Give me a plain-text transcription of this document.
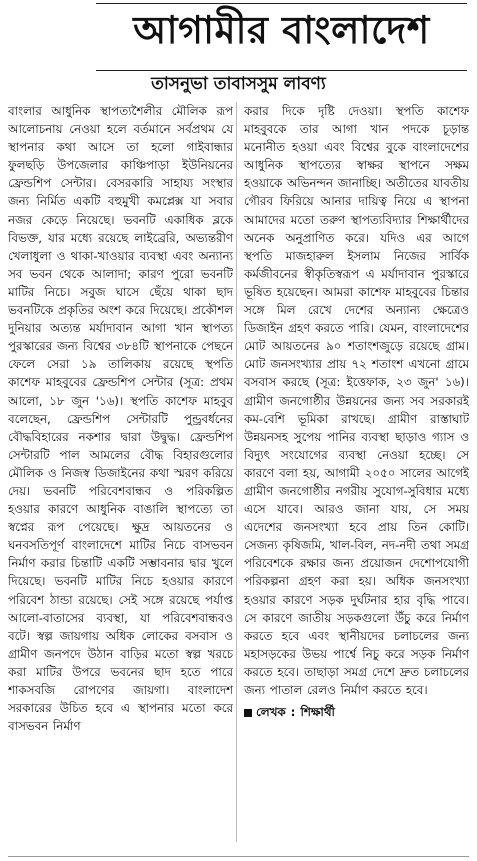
আগামীর বাংলাদেশ
তাসনুভা তাবাসসুম লাবণ্য

বাংলার আধুনিক স্থাপত্যশৈলীর মৌলিক রূপ আলোচনায় নেওয়া হলে বর্তমানে সর্বপ্রথম যে স্থাপনার কথা আসে তা হলো গাইবান্ধার ফুলছড়ি উপজেলার কাঞ্চিপাড়া ইউনিয়নের ফ্রেন্ডশিপ সেন্টার। বেসরকারি সাহায্য সংস্থার জন্য নির্মিত একটি বহুমুখী কমপ্লেক্স যা সবার নজর কেড়ে নিয়েছে। ভবনটি একাধিক ব্লকে বিভক্ত, যার মধ্যে রয়েছে লাইব্রেরি, অভ্যন্তরীণ খেলাধুলা ও থাকা-খাওয়ার ব্যবস্থা এবং অন্যান্য সব ভবন থেকে আলাদা; কারণ পুরো ভবনটি মাটির নিচে। সবুজ ঘাসে ছেঁয়ে থাকা ছাদ ভবনটিকে প্রকৃতির অংশ করে দিয়েছে। প্রকৌশল দুনিয়ার অত্যন্ত মর্যাদাবান আগা খান স্থাপত্য পুরস্কারের জন্য বিশ্বের ৩৮৪টি স্থাপনাকে পেছনে ফেলে সেরা ১৯ তালিকায় রয়েছে স্থপতি কাশেফ মাহবুবের ফ্রেন্ডশিপ সেন্টার (সূত্র: প্রথম আলো, ১৮ জুন '১৬)। স্থপতি কাশেফ মাহবুব বলেছেন, ফ্রেন্ডশিপ সেন্টারটি পুন্ড্রবর্ধনের বৌদ্ধবিহারের নকশার দ্বারা উদ্বুদ্ধ। ফ্রেন্ডশিপ সেন্টারটি পাল আমলের বৌদ্ধ বিহারগুলোর মৌলিক ও নিজস্ব ডিজাইনের কথা স্মরণ করিয়ে দেয়। ভবনটি পরিবেশবান্ধব ও পরিকল্পিত হওয়ার কারণে আধুনিক বাঙালি স্থাপত্যে তা স্বপ্নের রূপ পেয়েছে। ক্ষুদ্র আয়তনের ও ঘনবসতিপূর্ণ বাংলাদেশে মাটির নিচে বাসভবন নির্মাণ করার চিন্তাটি একটি সম্ভাবনার দ্বার খুলে দিয়েছে। ভবনটি মাটির নিচে হওয়ার কারণে পরিবেশ ঠান্ডা রয়েছে। সেই সঙ্গে রয়েছে পর্যাপ্ত আলো-বাতাসের ব্যবস্থা, যা পরিবেশবান্ধবও বটে। স্বল্প জায়গায় অধিক লোকের বসবাস ও গ্রামীণ জনপদে উঠান বাড়ির মতো স্বল্প খরচে করা মাটির উপরে ভবনের ছাদ হতে পারে শাকসবজি রোপণের জায়গা। বাংলাদেশ সরকারের উচিত হবে এ স্থাপনার মতো করে বাসভবন নির্মাণ

করার দিকে দৃষ্টি দেওয়া। স্থপতি কাশেফ মাহবুবকে তার আগা খান পদকে চূড়ান্ত মনোনীত হওয়া এবং বিশ্বের বুকে বাংলাদেশের আধুনিক স্থাপত্যের স্বাক্ষর স্থাপনে সক্ষম হওয়াকে অভিনন্দন জানাচ্ছি। অতীতের যাবতীয় গৌরব ফিরিয়ে আনার দায়িত্ব নিয়ে এ স্থাপনা আমাদের মতো তরুণ স্থাপত্যবিদ্যার শিক্ষার্থীদের অনেক অনুপ্রাণিত করে। যদিও এর আগে স্থপতি মাজহারুল ইসলাম নিজের সার্বিক কর্মজীবনের স্বীকৃতিস্বরূপ এ মর্যাদাবান পুরস্কারে ভূষিত হয়েছেন। আমরা কাশেফ মাহবুবের চিন্তার সঙ্গে মিল রেখে দেশের অন্যান্য ক্ষেত্রেও ডিজাইন গ্রহণ করতে পারি। যেমন, বাংলাদেশের মোট আয়তনের ৯০ শতাংশজুড়ে রয়েছে গ্রাম। মোট জনসংখ্যার প্রায় ৭২ শতাংশ এখনো গ্রামে বসবাস করছে (সূত্র: ইত্তেফাক, ২৩ জুন' ১৬)। গ্রামীণ জনগোষ্ঠীর উন্নয়নের জন্য সব সরকারই কম-বেশি ভূমিকা রাখছে। গ্রামীণ রাস্তাঘাট উন্নয়নসহ সুপেয় পানির ব্যবস্থা ছাড়াও গ্যাস ও বিদ্যুৎ সংযোগের ব্যবস্থা নেওয়া হচ্ছে। সে কারণে বলা হয়, আগামী ২০৫০ সালের আগেই গ্রামীণ জনগোষ্ঠীর নগরীয় সুযোগ-সুবিধার মধ্যে এসে যাবে। আরও জানা যায়, সে সময় এদেশের জনসংখ্যা হবে প্রায় তিন কোটি। সেজন্য কৃষিজমি, খাল-বিল, নদ-নদী তথা সমগ্র পরিবেশকে রক্ষার জন্য প্রয়োজন দেশোপযোগী পরিকল্পনা গ্রহণ করা হয়। অধিক জনসংখ্যা হওয়ার কারণে সড়ক দুর্ঘটনার হার বৃদ্ধি পাবে। সে কারণে জাতীয় সড়কগুলো উঁচু করে নির্মাণ করতে হবে এবং স্থানীয়দের চলাচলের জন্য মহাসড়কের উভয় পার্শ্বে নিচু করে সড়ক নির্মাণ করতে হবে। তাছাড়া সমগ্র দেশে দ্রুত চলাচলের জন্য পাতাল রেলও নির্মাণ করতে হবে।

লেখক : শিক্ষার্থী
